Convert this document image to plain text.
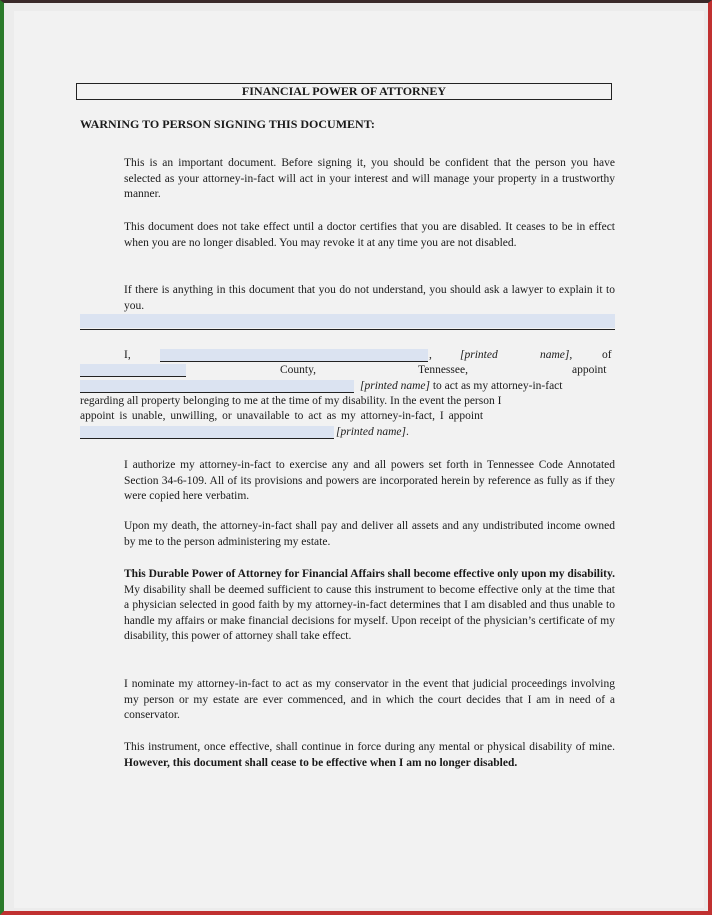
FINANCIAL POWER OF ATTORNEY
WARNING TO PERSON SIGNING THIS DOCUMENT:
This is an important document. Before signing it, you should be confident that the person you have selected as your attorney-in-fact will act in your interest and will manage your property in a trustworthy manner.
This document does not take effect until a doctor certifies that you are disabled. It ceases to be in effect when you are no longer disabled. You may revoke it at any time you are not disabled.
If there is anything in this document that you do not understand, you should ask a lawyer to explain it to you.
I,	, [printed	name],	of
County,	Tennessee,	appoint
[printed name] to act as my attorney-in-fact
regarding all property belonging to me at the time of my disability. In the event the person I
appoint is unable, unwilling, or unavailable to act as my attorney-in-fact, I appoint
[printed name].
I authorize my attorney-in-fact to exercise any and all powers set forth in Tennessee Code Annotated Section 34-6-109. All of its provisions and powers are incorporated herein by reference as fully as if they were copied here verbatim.
Upon my death, the attorney-in-fact shall pay and deliver all assets and any undistributed income owned by me to the person administering my estate.
This Durable Power of Attorney for Financial Affairs shall become effective only upon my disability. My disability shall be deemed sufficient to cause this instrument to become effective only at the time that a physician selected in good faith by my attorney-in-fact determines that I am disabled and thus unable to handle my affairs or make financial decisions for myself. Upon receipt of the physician’s certificate of my disability, this power of attorney shall take effect.
I nominate my attorney-in-fact to act as my conservator in the event that judicial proceedings involving my person or my estate are ever commenced, and in which the court decides that I am in need of a conservator.
This instrument, once effective, shall continue in force during any mental or physical disability of mine. However, this document shall cease to be effective when I am no longer disabled.
